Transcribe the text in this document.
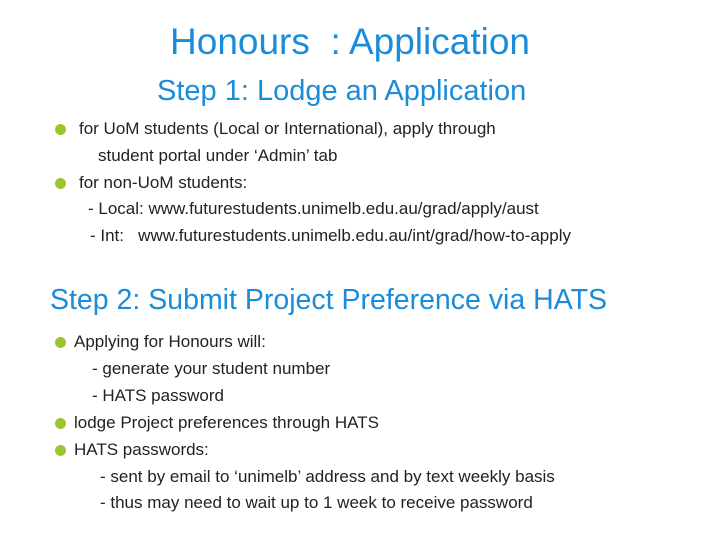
Honours  : Application
Step 1: Lodge an Application
for UoM students (Local or International), apply through
student portal under ‘Admin’ tab
for non-UoM students:
- Local: www.futurestudents.unimelb.edu.au/grad/apply/aust
- Int:   www.futurestudents.unimelb.edu.au/int/grad/how-to-apply
Step 2: Submit Project Preference via HATS
Applying for Honours will:
- generate your student number
- HATS password
lodge Project preferences through HATS
HATS passwords:
- sent by email to ‘unimelb’ address and by text weekly basis
- thus may need to wait up to 1 week to receive password
